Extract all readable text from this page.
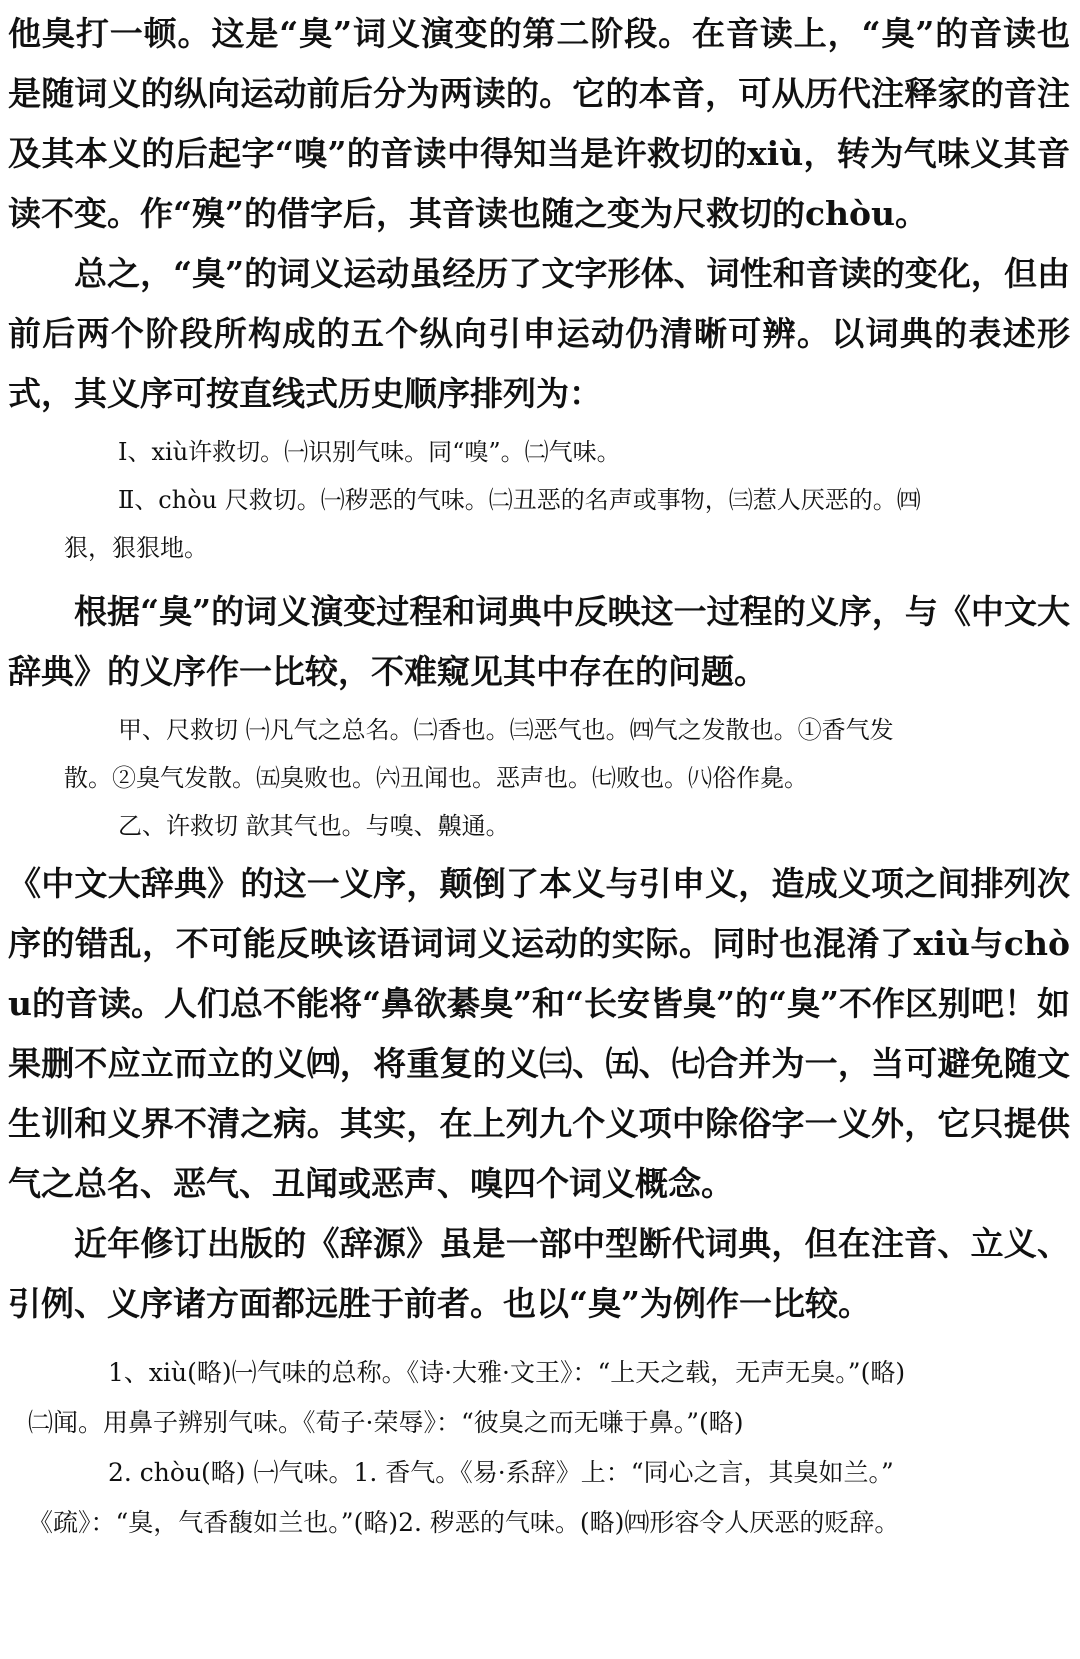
他臭打一顿。这是“臭”词义演变的第二阶段。在音读上，“臭”的音读也是随词义的纵向运动前后分为两读的。它的本音，可从历代注释家的音注及其本义的后起字“嗅”的音读中得知当是许救切的xiù，转为气味义其音读不变。作“殠”的借字后，其音读也随之变为尺救切的chòu。

总之，“臭”的词义运动虽经历了文字形体、词性和音读的变化，但由前后两个阶段所构成的五个纵向引申运动仍清晰可辨。以词典的表述形式，其义序可按直线式历史顺序排列为：

Ⅰ、xiù许救切。㈠识别气味。同“嗅”。㈡气味。

Ⅱ、chòu 尺救切。㈠秽恶的气味。㈡丑恶的名声或事物，㈢惹人厌恶的。㈣

狠，狠狠地。

根据“臭”的词义演变过程和词典中反映这一过程的义序，与《中文大辞典》的义序作一比较，不难窥见其中存在的问题。

甲、尺救切 ㈠凡气之总名。㈡香也。㈢恶气也。㈣气之发散也。①香气发

散。②臭气发散。㈤臭败也。㈥丑闻也。恶声也。㈦败也。㈧俗作臰。

乙、许救切 歆其气也。与嗅、齅通。

《中文大辞典》的这一义序，颠倒了本义与引申义，造成义项之间排列次序的错乱，不可能反映该语词词义运动的实际。同时也混淆了xiù与chòu的音读。人们总不能将“鼻欲綦臭”和“长安皆臭”的“臭”不作区别吧！如果删不应立而立的义㈣，将重复的义㈢、㈤、㈦合并为一，当可避免随文生训和义界不清之病。其实，在上列九个义项中除俗字一义外，它只提供气之总名、恶气、丑闻或恶声、嗅四个词义概念。

近年修订出版的《辞源》虽是一部中型断代词典，但在注音、立义、引例、义序诸方面都远胜于前者。也以“臭”为例作一比较。

1、xiù(略)㈠气味的总称。《诗·大雅·文王》：“上天之载，无声无臭。”(略)

㈡闻。用鼻子辨别气味。《荀子·荣辱》：“彼臭之而无嗛于鼻。”(略)

2. chòu(略) ㈠气味。1. 香气。《易·系辞》上：“同心之言，其臭如兰。”

《疏》：“臭，气香馥如兰也。”(略)2. 秽恶的气味。(略)㈣形容令人厌恶的贬辞。
